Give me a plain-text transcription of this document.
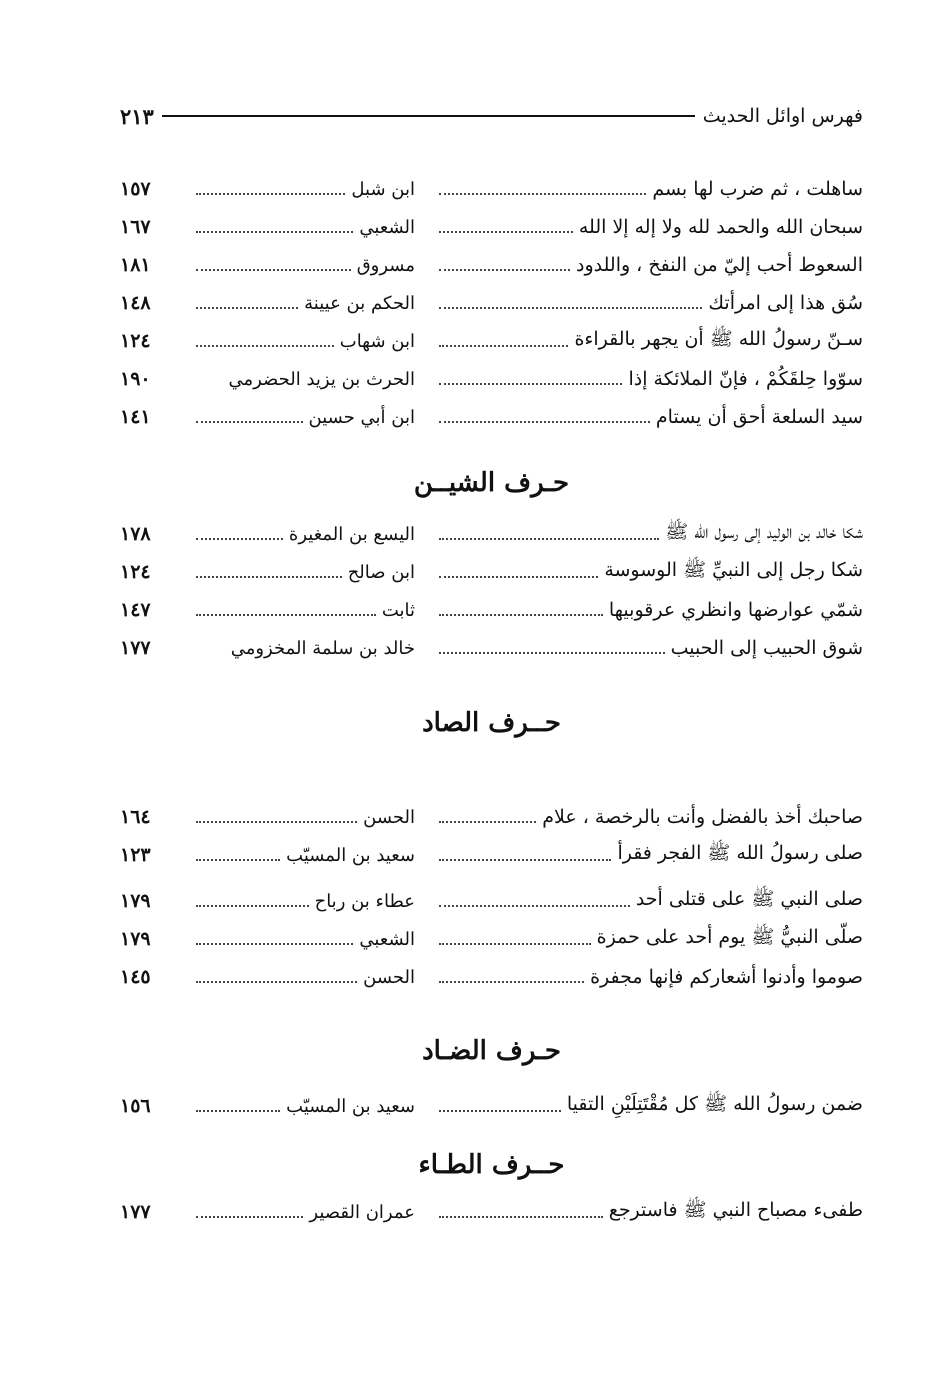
فهرس اوائل الحديث
٢١٣
ساهلت ، ثم ضرب لها بسم
ابن شبل
١٥٧
سبحان الله والحمد لله ولا إله إلا الله
الشعبي
١٦٧
السعوط أحب إليّ من النفخ ، واللدود
مسروق
١٨١
سُق هذا إلى امرأتك
الحكم بن عيينة
١٤٨
سـنّ رسولُ الله ﷺ أن يجهر بالقراءة
ابن شهاب
١٢٤
سوّوا حِلقَكُمْ ، فإنّ الملائكة إذا
الحرث بن يزيد الحضرمي
١٩٠
سيد السلعة أحق أن يستام
ابن أبي حسين
١٤١
حـرف الشيــن
شكا خالد بن الوليد إلى رسول الله ﷺ
اليسع بن المغيرة
١٧٨
شكا رجل إلى النبيِّ ﷺ الوسوسة
ابن صالح
١٢٤
شمّي عوارضها وانظري عرقوبيها
ثابت
١٤٧
شوق الحبيب إلى الحبيب
خالد بن سلمة المخزومي
١٧٧
حــرف الصاد
صاحبك أخذ بالفضل وأنت بالرخصة ، علام
الحسن
١٦٤
صلى رسولُ الله ﷺ الفجر فقرأ
سعيد بن المسيّب
١٢٣
صلى النبي ﷺ على قتلى أحد
عطاء بن رباح
١٧٩
صلّى النبيُّ ﷺ يوم أحد على حمزة
الشعبي
١٧٩
صوموا وأدنوا أشعاركم فإنها مجفرة
الحسن
١٤٥
حـرف الضـاد
ضمن رسولُ الله ﷺ كل مُقْتَتِلَيْنِ التقيا
سعيد بن المسيّب
١٥٦
حــرف الطـاء
طفىء مصباح النبي ﷺ فاسترجع
عمران القصير
١٧٧
